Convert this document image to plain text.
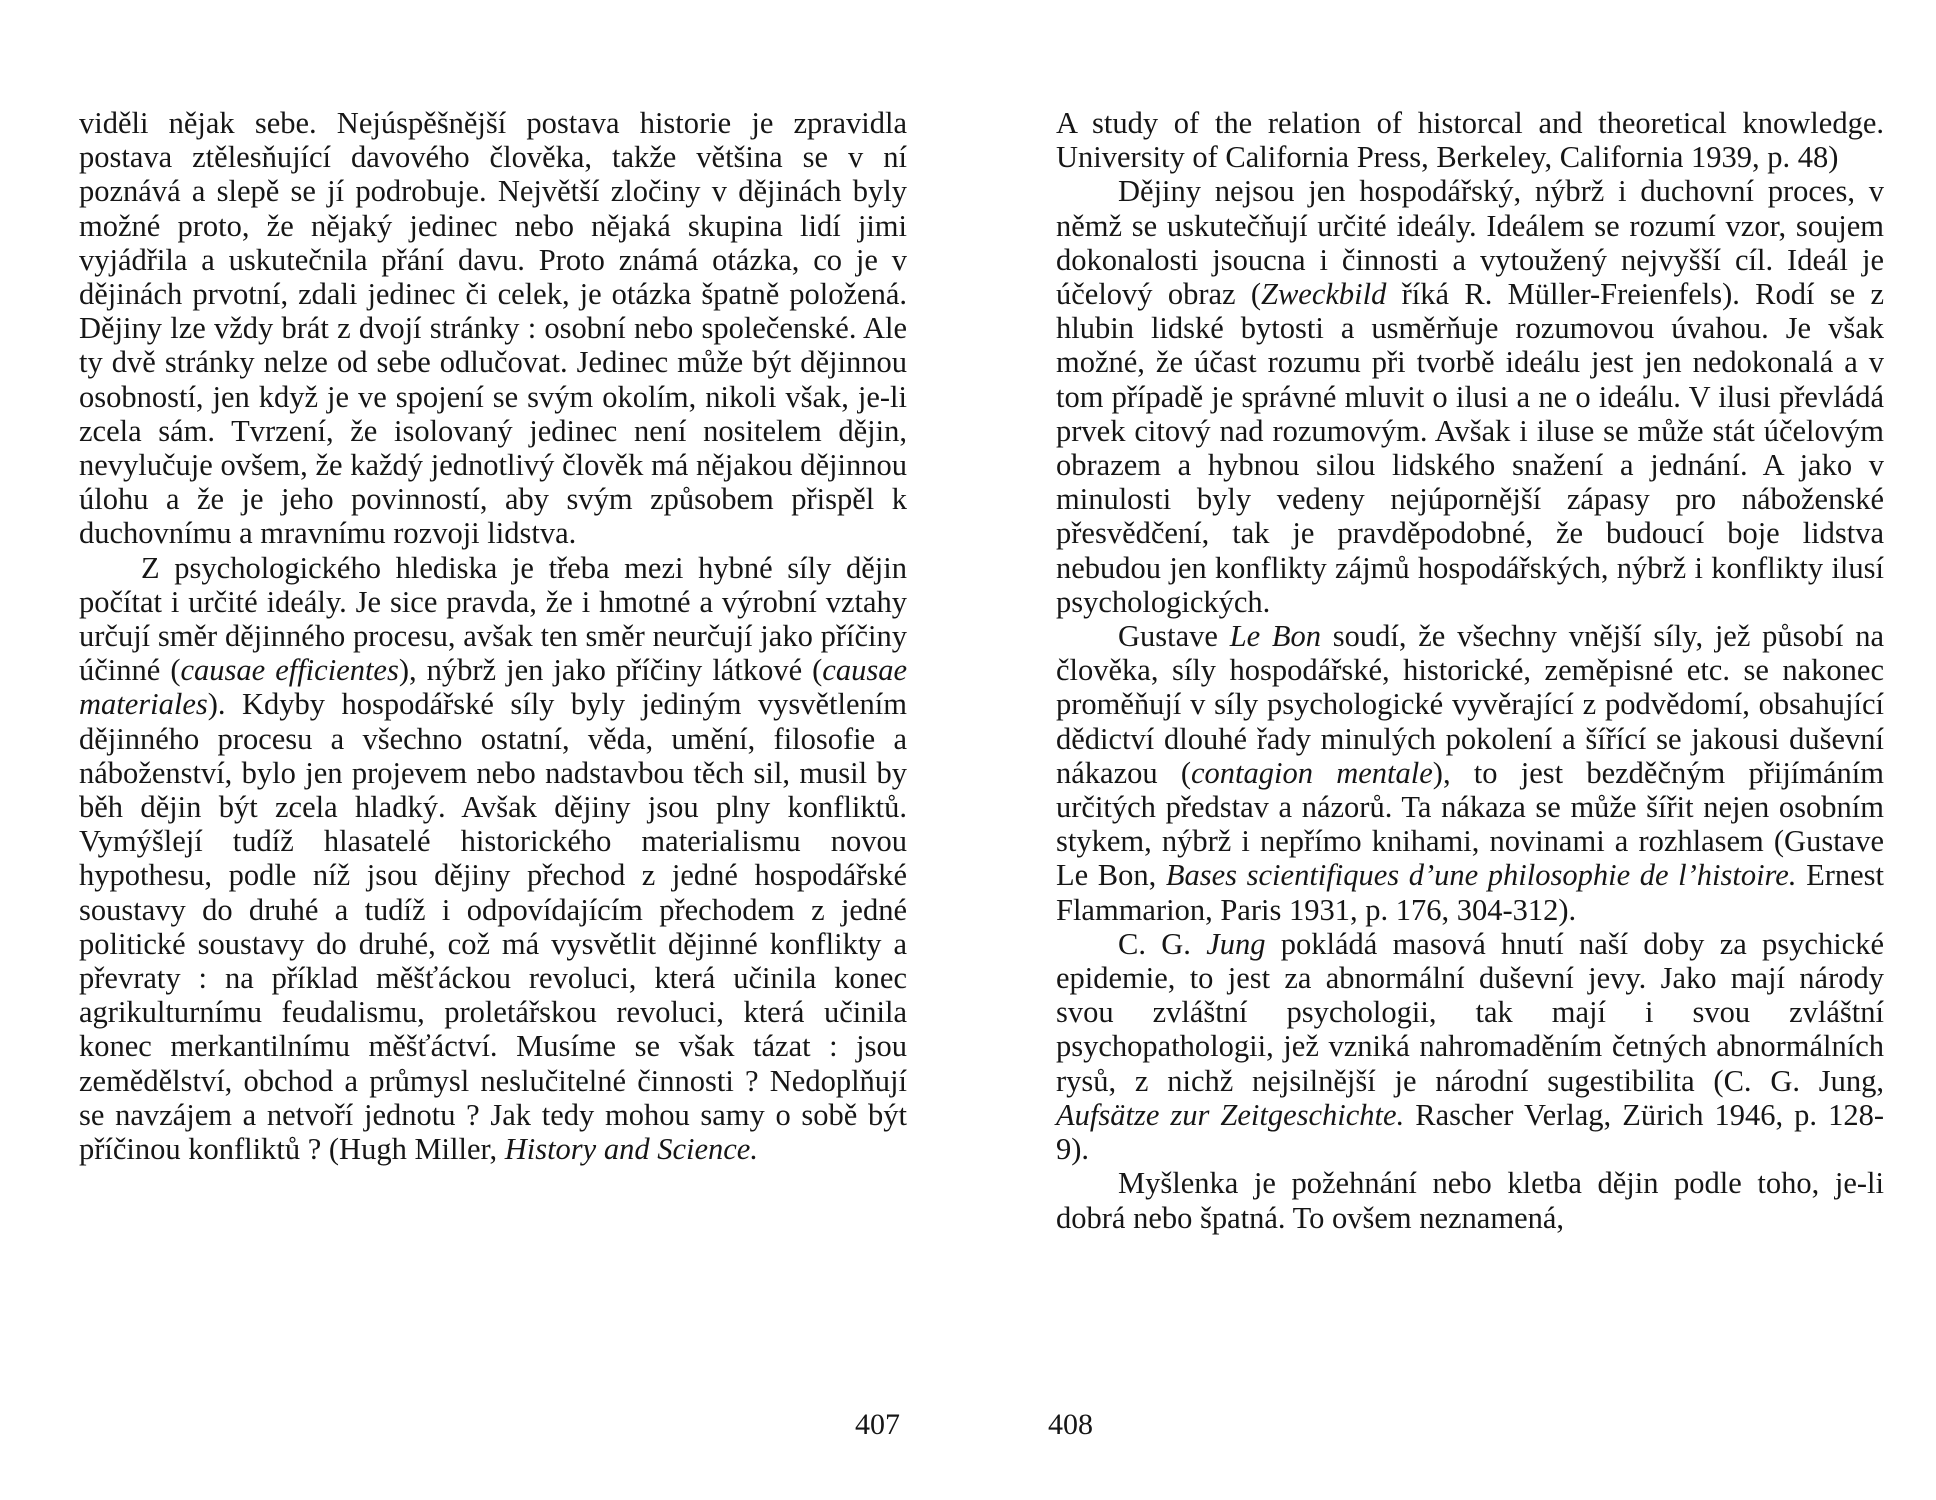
viděli nějak sebe. Nejúspěšnější postava historie je zpravidla postava ztělesňující davového člověka, takže většina se v ní poznává a slepě se jí podrobuje. Největší zločiny v dějinách byly možné proto, že nějaký jedinec nebo nějaká skupina lidí jimi vyjádřila a uskutečnila přání davu. Proto známá otázka, co je v dějinách prvotní, zdali jedinec či celek, je otázka špatně položená. Dějiny lze vždy brát z dvojí stránky : osobní nebo společenské. Ale ty dvě stránky nelze od sebe odlučovat. Jedinec může být dějinnou osobností, jen když je ve spojení se svým okolím, nikoli však, je-li zcela sám. Tvrzení, že isolovaný jedinec není nositelem dějin, nevylučuje ovšem, že každý jednotlivý člověk má nějakou dějinnou úlohu a že je jeho povinností, aby svým způsobem přispěl k duchovnímu a mravnímu rozvoji lidstva.

Z psychologického hlediska je třeba mezi hybné síly dějin počítat i určité ideály. Je sice pravda, že i hmotné a výrobní vztahy určují směr dějinného procesu, avšak ten směr neurčují jako příčiny účinné (causae efficientes), nýbrž jen jako příčiny látkové (causae materiales). Kdyby hospodářské síly byly jediným vysvětlením dějinného procesu a všechno ostatní, věda, umění, filosofie a náboženství, bylo jen projevem nebo nadstavbou těch sil, musil by běh dějin být zcela hladký. Avšak dějiny jsou plny konfliktů. Vymýšlejí tudíž hlasatelé historického materialismu novou hypothesu, podle níž jsou dějiny přechod z jedné hospodářské soustavy do druhé a tudíž i odpovídajícím přechodem z jedné politické soustavy do druhé, což má vysvětlit dějinné konflikty a převraty : na příklad měšťáckou revoluci, která učinila konec agrikulturnímu feudalismu, proletářskou revoluci, která učinila konec merkantilnímu měšťáctví. Musíme se však tázat : jsou zemědělství, obchod a průmysl neslučitelné činnosti ? Nedoplňují se navzájem a netvoří jednotu ? Jak tedy mohou samy o sobě být příčinou konfliktů ? (Hugh Miller, History and Science.

407

A study of the relation of historcal and theoretical knowledge. University of California Press, Berkeley, California 1939, p. 48)

Dějiny nejsou jen hospodářský, nýbrž i duchovní proces, v němž se uskutečňují určité ideály. Ideálem se rozumí vzor, soujem dokonalosti jsoucna i činnosti a vytoužený nejvyšší cíl. Ideál je účelový obraz (Zweckbild říká R. Müller-Freienfels). Rodí se z hlubin lidské bytosti a usměrňuje rozumovou úvahou. Je však možné, že účast rozumu při tvorbě ideálu jest jen nedokonalá a v tom případě je správné mluvit o ilusi a ne o ideálu. V ilusi převládá prvek citový nad rozumovým. Avšak i iluse se může stát účelovým obrazem a hybnou silou lidského snažení a jednání. A jako v minulosti byly vedeny nejúpornější zápasy pro náboženské přesvědčení, tak je pravděpodobné, že budoucí boje lidstva nebudou jen konflikty zájmů hospodářských, nýbrž i konflikty ilusí psychologických.

Gustave Le Bon soudí, že všechny vnější síly, jež působí na člověka, síly hospodářské, historické, zeměpisné etc. se nakonec proměňují v síly psychologické vyvěrající z podvědomí, obsahující dědictví dlouhé řady minulých pokolení a šířící se jakousi duševní nákazou (contagion mentale), to jest bezděčným přijímáním určitých představ a názorů. Ta nákaza se může šířit nejen osobním stykem, nýbrž i nepřímo knihami, novinami a rozhlasem (Gustave Le Bon, Bases scientifiques d’une philosophie de l’histoire. Ernest Flammarion, Paris 1931, p. 176, 304-312).

C. G. Jung pokládá masová hnutí naší doby za psychické epidemie, to jest za abnormální duševní jevy. Jako mají národy svou zvláštní psychologii, tak mají i svou zvláštní psychopathologii, jež vzniká nahromaděním četných abnormálních rysů, z nichž nejsilnější je národní sugestibilita (C. G. Jung, Aufsätze zur Zeitgeschichte. Rascher Verlag, Zürich 1946, p. 128-9).

Myšlenka je požehnání nebo kletba dějin podle toho, je-li dobrá nebo špatná. To ovšem neznamená,

408
